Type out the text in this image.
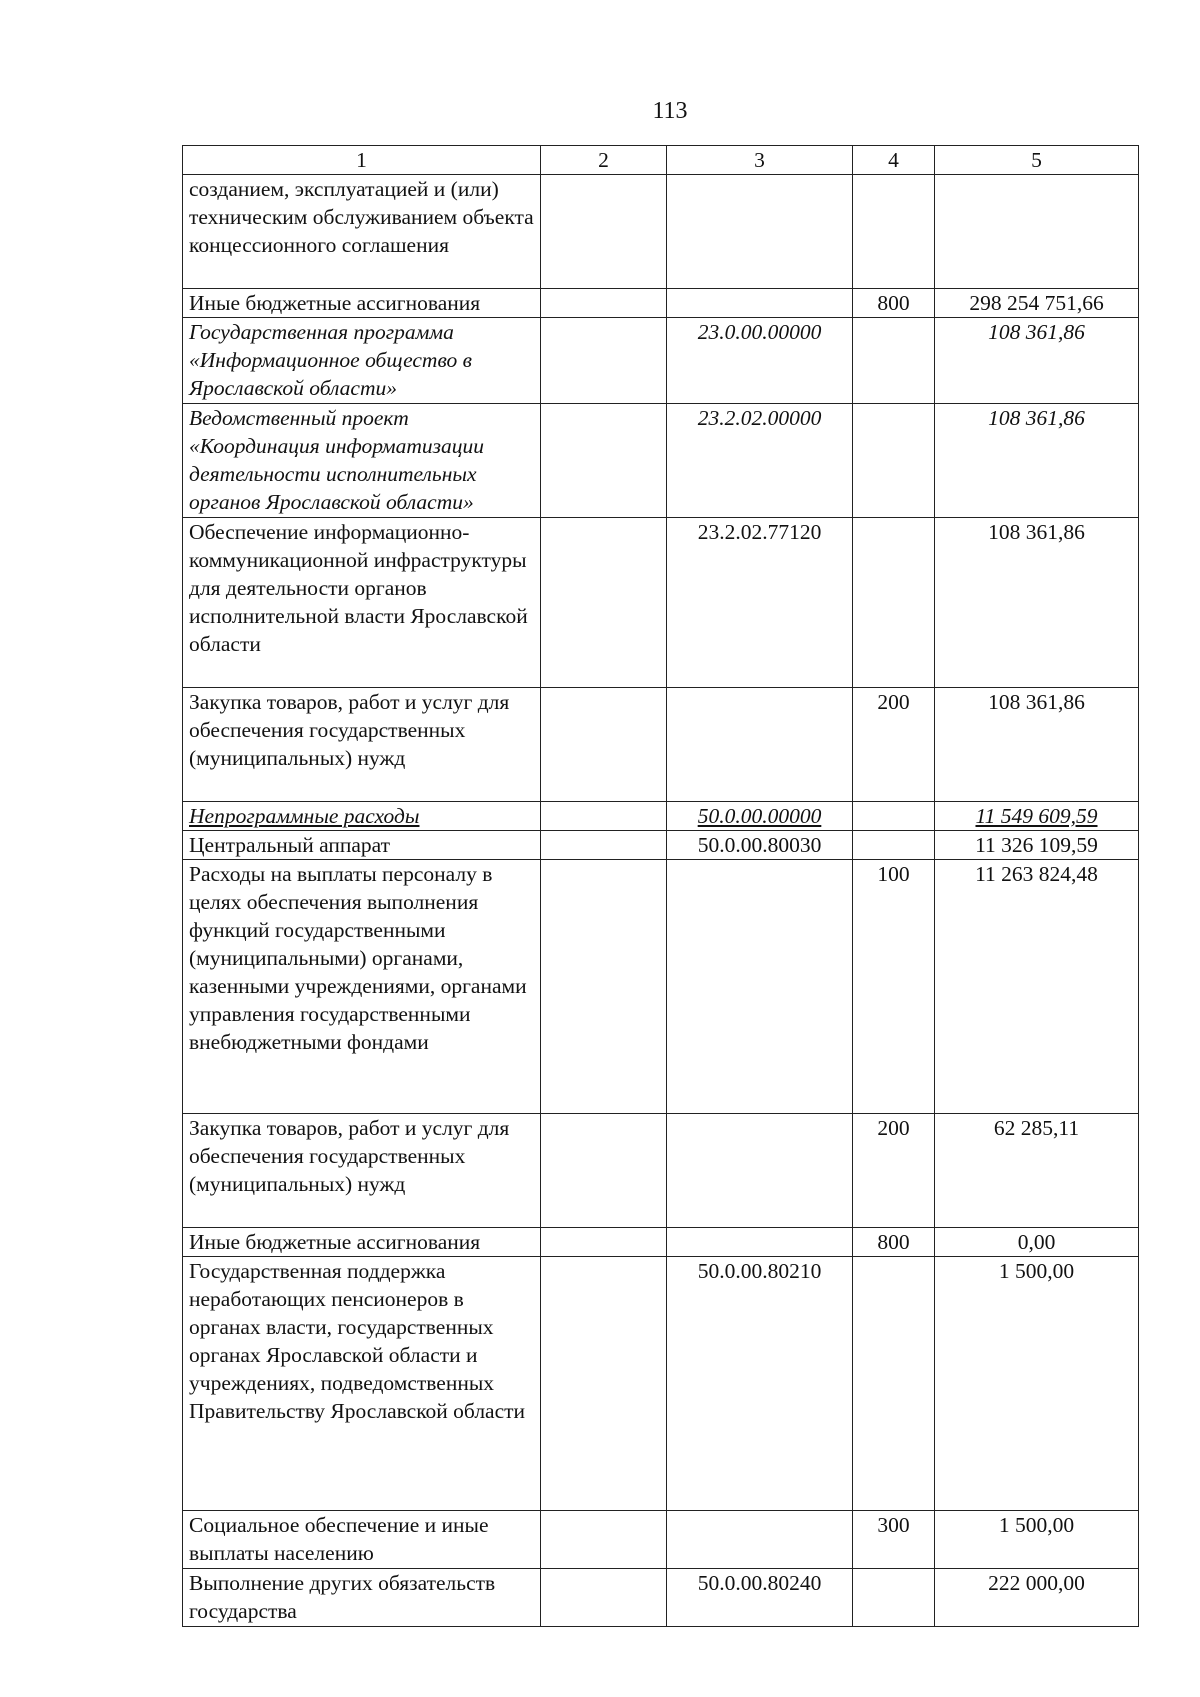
113
1	2	3	4	5
созданием, эксплуатацией и (или) техническим обслуживанием объекта концессионного соглашения				
Иные бюджетные ассигнования			800	298 254 751,66
Государственная программа «Информационное общество в Ярославской области»		23.0.00.00000		108 361,86
Ведомственный проект «Координация информатизации деятельности исполнительных органов Ярославской области»		23.2.02.00000		108 361,86
Обеспечение информационно-коммуникационной инфраструктуры для деятельности органов исполнительной власти Ярославской области		23.2.02.77120		108 361,86
Закупка товаров, работ и услуг для обеспечения государственных (муниципальных) нужд			200	108 361,86
Непрограммные расходы		50.0.00.00000		11 549 609,59
Центральный аппарат		50.0.00.80030		11 326 109,59
Расходы на выплаты персоналу в целях обеспечения выполнения функций государственными (муниципальными) органами, казенными учреждениями, органами управления государственными внебюджетными фондами			100	11 263 824,48
Закупка товаров, работ и услуг для обеспечения государственных (муниципальных) нужд			200	62 285,11
Иные бюджетные ассигнования			800	0,00
Государственная поддержка неработающих пенсионеров в органах власти, государственных органах Ярославской области и учреждениях, подведомственных Правительству Ярославской области		50.0.00.80210		1 500,00
Социальное обеспечение и иные выплаты населению			300	1 500,00
Выполнение других обязательств государства		50.0.00.80240		222 000,00
